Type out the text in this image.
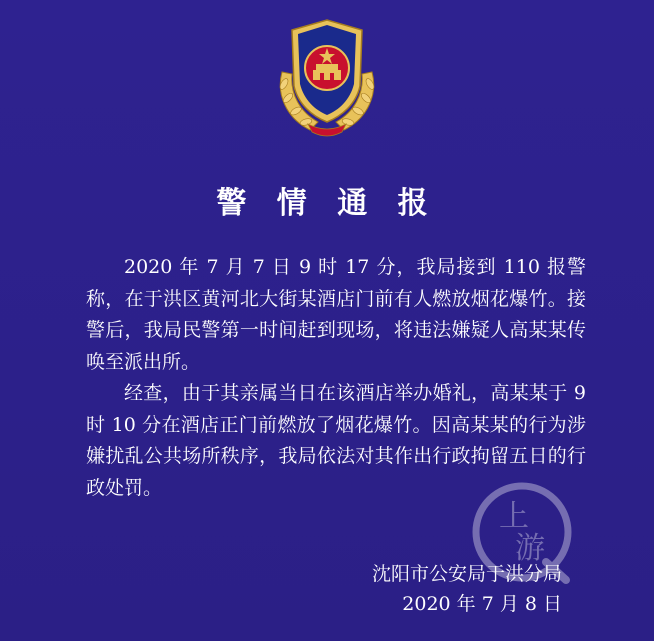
警 情 通 报

2020 年 7 月 7 日 9 时 17 分，我局接到 110 报警称，在于洪区黄河北大街某酒店门前有人燃放烟花爆竹。接警后，我局民警第一时间赶到现场，将违法嫌疑人高某某传唤至派出所。

经查，由于其亲属当日在该酒店举办婚礼，高某某于 9 时 10 分在酒店正门前燃放了烟花爆竹。因高某某的行为涉嫌扰乱公共场所秩序，我局依法对其作出行政拘留五日的行政处罚。

沈阳市公安局于洪分局
2020 年 7 月 8 日
上游
